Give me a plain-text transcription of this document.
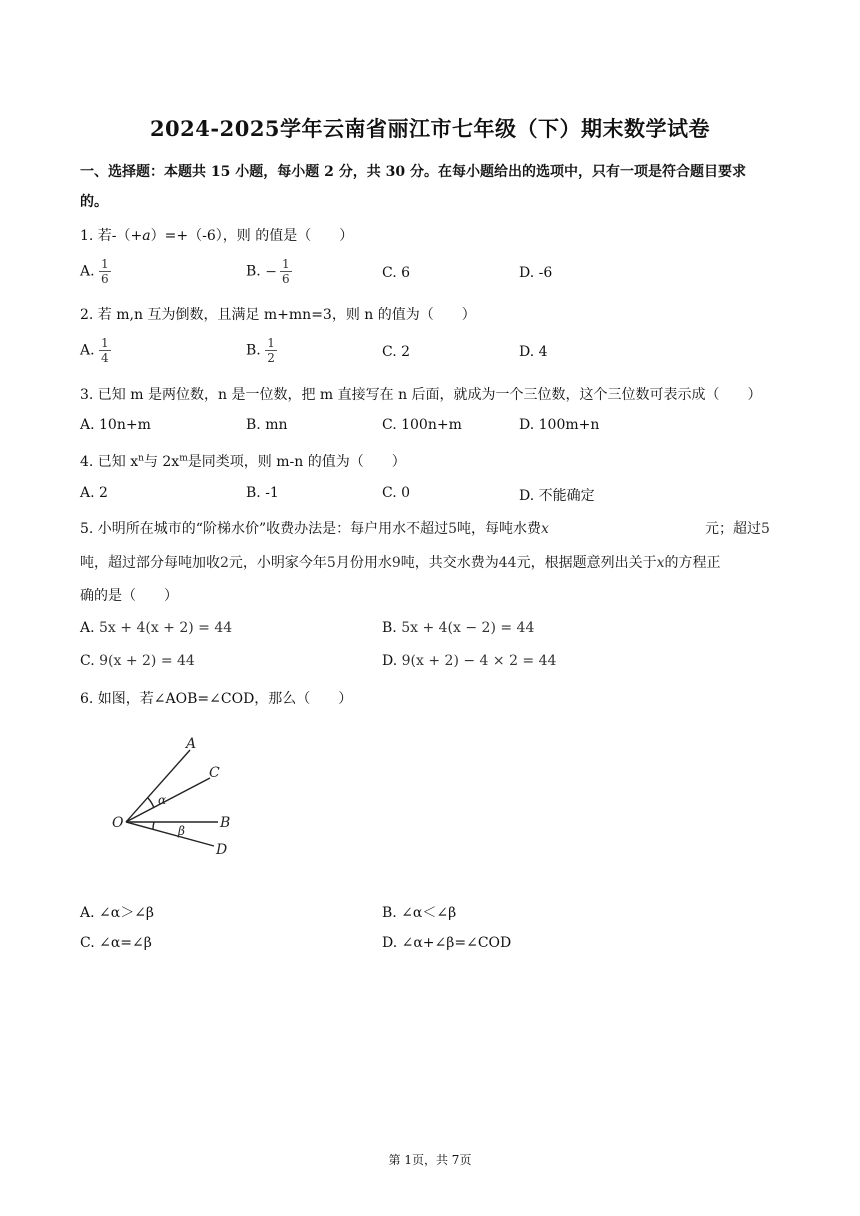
2024-2025学年云南省丽江市七年级（下）期末数学试卷
一、选择题：本题共 15 小题，每小题 2 分，共 30 分。在每小题给出的选项中，只有一项是符合题目要求
的。
1. 若-（+a）=+（-6），则 的值是（　　）
A. $\frac{1}{6}$	B. − $\frac{1}{6}$	C. 6	D. -6
2. 若 m,n 互为倒数，且满足 m+mn=3，则 n 的值为（　　）
A. $\frac{1}{4}$	B. $\frac{1}{2}$	C. 2	D. 4
3. 已知 m 是两位数，n 是一位数，把 m 直接写在 n 后面，就成为一个三位数，这个三位数可表示成（　　）
A. 10n+m	B. mn	C. 100n+m	D. 100m+n
4. 已知 $x^n$与 $2x^m$是同类项，则 m-n 的值为（　　）
A. 2	B. -1	C. 0	D. 不能确定
5. 小明所在城市的“阶梯水价”收费办法是：每户用水不超过5吨，每吨水费x	元；超过5
吨，超过部分每吨加收2元，小明家今年5月份用水9吨，共交水费为44元，根据题意列出关于x的方程正
确的是（　　）
A. 5x + 4(x + 2) = 44	B. 5x + 4(x − 2) = 44
C. 9(x + 2) = 44	D. 9(x + 2) − 4 × 2 = 44
6. 如图，若∠AOB=∠COD，那么（　　）
A
C
O	B
D
α
β
A. ∠α＞∠β	B. ∠α＜∠β
C. ∠α=∠β	D. ∠α+∠β=∠COD
第 1页，共 7页
